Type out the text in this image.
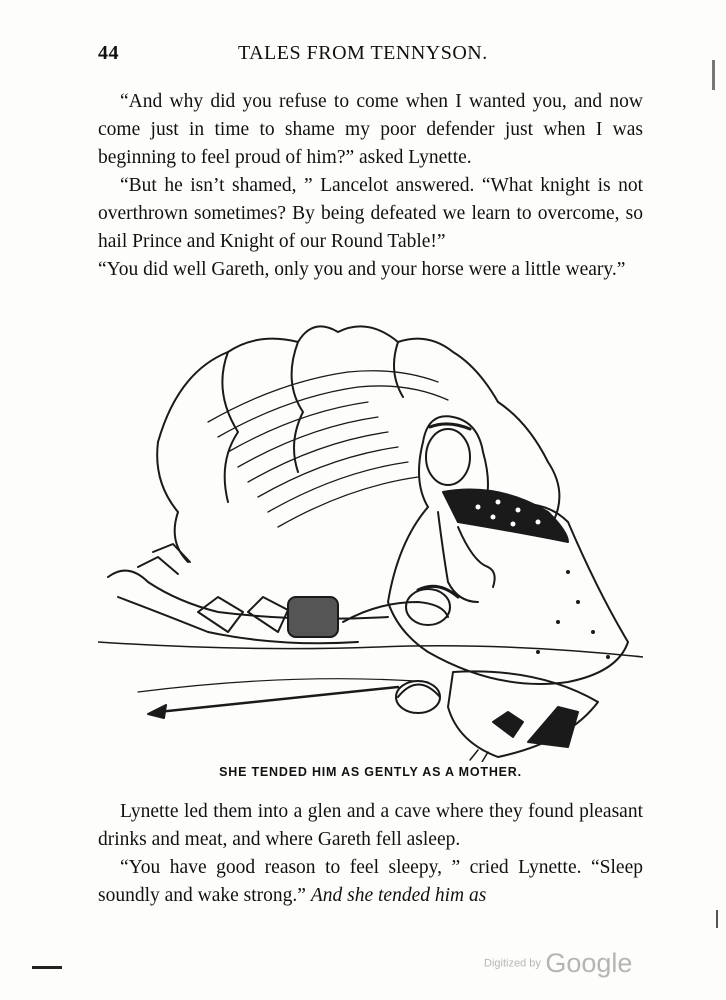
44	TALES FROM TENNYSON.

“And why did you refuse to come when I wanted you, and now come just in time to shame my poor defender just when I was beginning to feel proud of him?” asked Lynette.

“But he isn’t shamed, ” Lancelot answered. “What knight is not overthrown sometimes? By being defeated we learn to overcome, so hail Prince and Knight of our Round Table!”

“You did well Gareth, only you and your horse were a little weary.”

SHE TENDED HIM AS GENTLY AS A MOTHER.

Lynette led them into a glen and a cave where they found pleasant drinks and meat, and where Gareth fell asleep.

“You have good reason to feel sleepy, ” cried Lynette. “Sleep soundly and wake strong.” And she tended him as

Digitized by Google
